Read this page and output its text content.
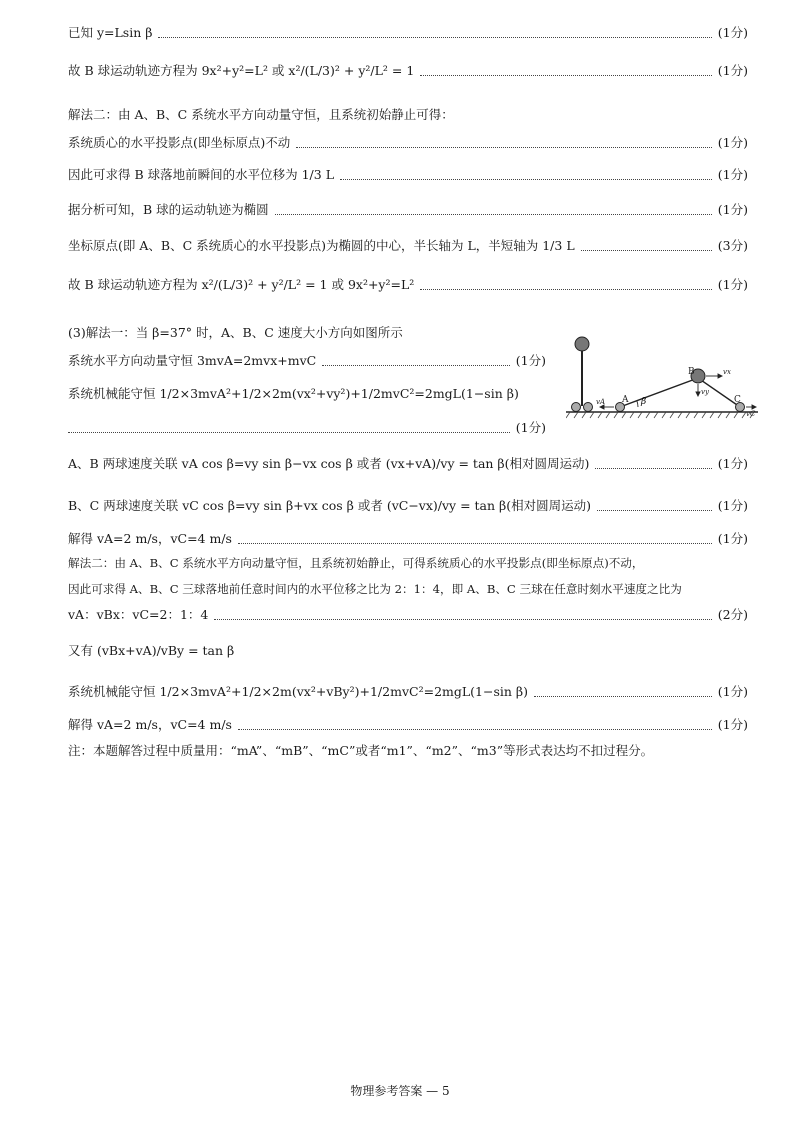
已知 y=Lsin β	(1分)
故 B 球运动轨迹方程为 9x²+y²=L² 或 x²/(L/3)² + y²/L² = 1	(1分)
解法二：由 A、B、C 系统水平方向动量守恒，且系统初始静止可得：
系统质心的水平投影点(即坐标原点)不动	(1分)
因此可求得 B 球落地前瞬间的水平位移为 1/3 L	(1分)
据分析可知，B 球的运动轨迹为椭圆	(1分)
坐标原点(即 A、B、C 系统质心的水平投影点)为椭圆的中心，半长轴为 L，半短轴为 1/3 L	(3分)
故 B 球运动轨迹方程为 x²/(L/3)² + y²/L² = 1 或 9x²+y²=L²	(1分)
(3)解法一：当 β=37° 时，A、B、C 速度大小方向如图所示
系统水平方向动量守恒 3mvA=2mvx+mvC	(1分)
系统机械能守恒 1/2×3mvA²+1/2×2m(vx²+vy²)+1/2mvC²=2mgL(1−sin β)
(1分)
A、B 两球速度关联 vA cos β=vy sin β−vx cos β 或者 (vx+vA)/vy = tan β(相对圆周运动)	(1分)
B、C 两球速度关联 vC cos β=vy sin β+vx cos β 或者 (vC−vx)/vy = tan β(相对圆周运动)	(1分)
解得 vA=2 m/s，vC=4 m/s	(1分)
解法二：由 A、B、C 系统水平方向动量守恒，且系统初始静止，可得系统质心的水平投影点(即坐标原点)不动，
因此可求得 A、B、C 三球落地前任意时间内的水平位移之比为 2：1：4，即 A、B、C 三球在任意时刻水平速度之比为
vA：vBx：vC=2：1：4	(2分)
又有 (vBx+vA)/vBy = tan β
系统机械能守恒 1/2×3mvA²+1/2×2m(vx²+vBy²)+1/2mvC²=2mgL(1−sin β)	(1分)
解得 vA=2 m/s，vC=4 m/s	(1分)
注：本题解答过程中质量用：“mA”、“mB”、“mC”或者“m1”、“m2”、“m3”等形式表达均不扣过程分。
β
B
A	C
vA
vx
vy
vC
物理参考答案 — 5
